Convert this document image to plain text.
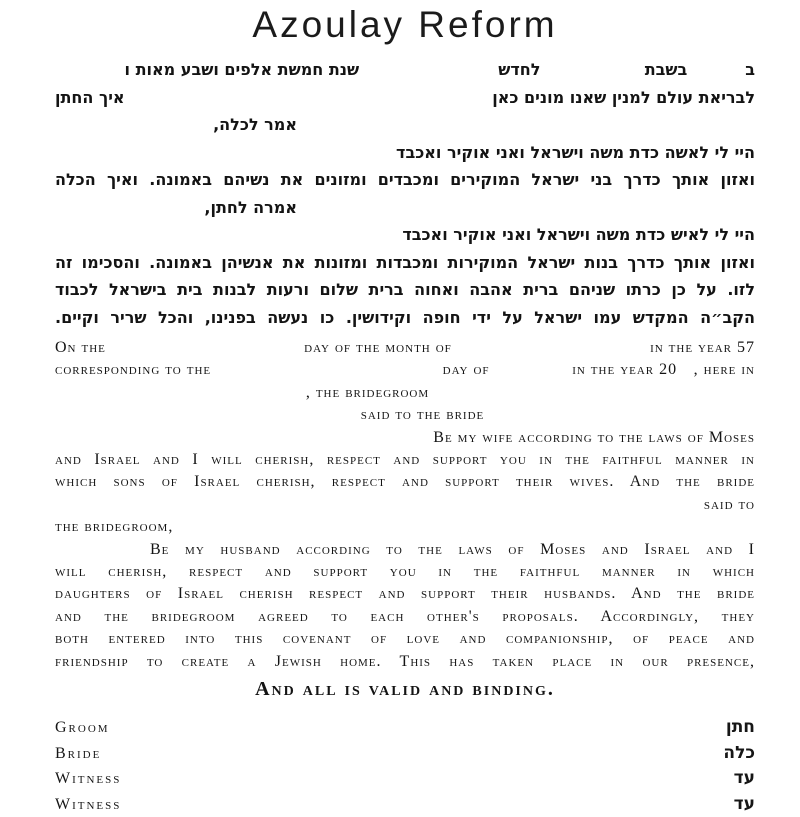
Azoulay Reform
ב
בשבת
לחדש
שנת חמשת אלפים ושבע מאות ו
לבריאת עולם למנין שאנו מונים כאן
איך החתן
אמר לכלה,
היי לי לאשה כדת משה וישראל ואני אוקיר ואכבד
ואזון אותך כדרך בני ישראל המוקירים ומכבדים ומזונים את נשיהם באמונה. ואיך הכלה
אמרה לחתן,
היי לי לאיש כדת משה וישראל ואני אוקיר ואכבד
ואזון אותך כדרך בנות ישראל המוקירות ומכבדות ומזונות את אנשיהן באמונה. והסכימו זה
לזו. על כן כרתו שניהם ברית אהבה ואחוה ברית שלום ורעות לבנות בית בישראל לכבוד
הקב״ה המקדש עמו ישראל על ידי חופה וקידושין. כו נעשה בפנינו, והכל שריר וקיים.
On the	day of the month of	in the year 57
corresponding to the	day of	in the year 20 , here in
, the bridegroom
said to the bride
Be my wife according to the laws of Moses
and Israel and I will cherish, respect and support you in the faithful manner in
which sons of Israel cherish, respect and support their wives. And the bride
said to
the bridegroom,
Be my husband according to the laws of Moses and Israel and I
will cherish, respect and support you in the faithful manner in which
daughters of Israel cherish respect and support their husbands. And the bride
and the bridegroom agreed to each other's proposals. Accordingly, they
both entered into this covenant of love and companionship, of peace and
friendship to create a Jewish home. This has taken place in our presence,
And all is valid and binding.
Groom	חתן
Bride	כלה
Witness	עד
Witness	עד
